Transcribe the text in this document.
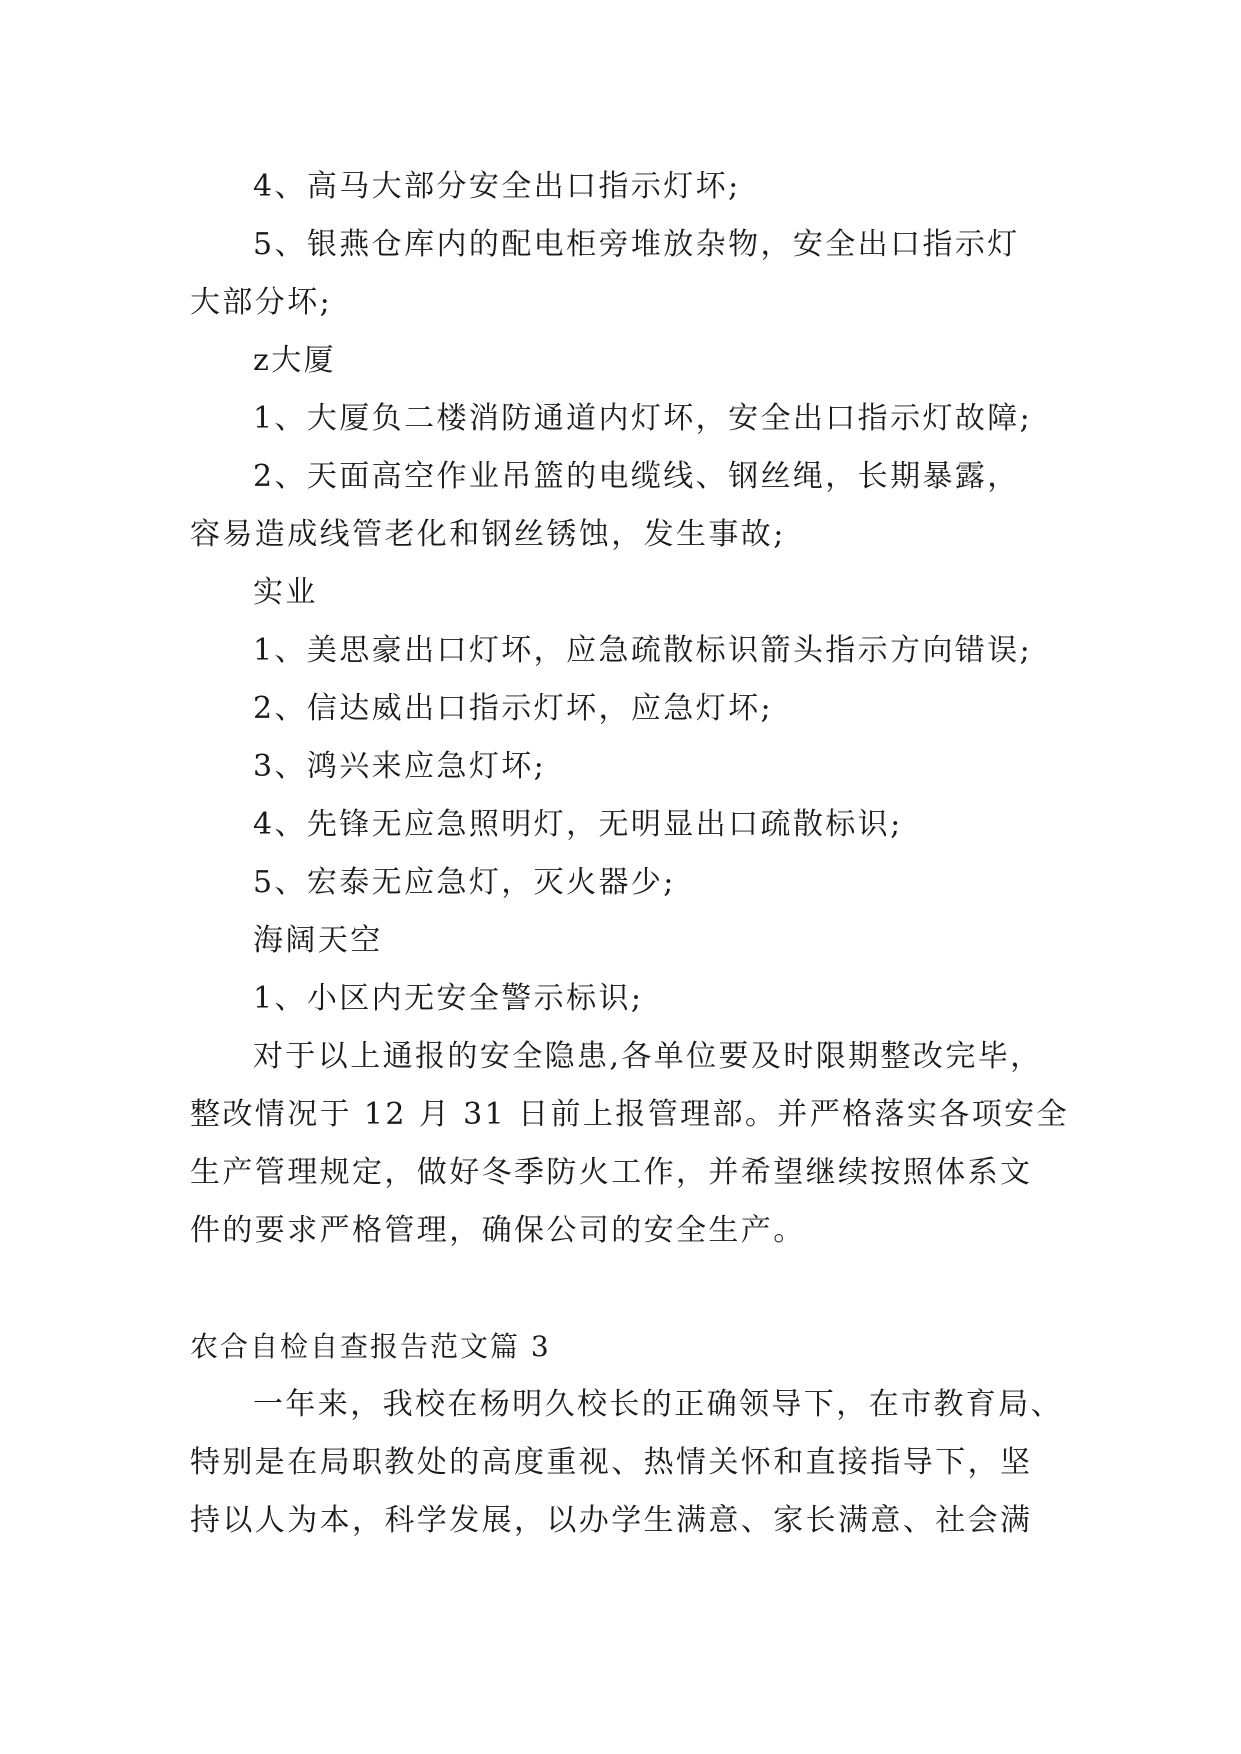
4、高马大部分安全出口指示灯坏;
5、银燕仓库内的配电柜旁堆放杂物，安全出口指示灯
大部分坏;
z大厦
1、大厦负二楼消防通道内灯坏，安全出口指示灯故障;
2、天面高空作业吊篮的电缆线、钢丝绳，长期暴露，
容易造成线管老化和钢丝锈蚀，发生事故;
实业
1、美思豪出口灯坏，应急疏散标识箭头指示方向错误;
2、信达威出口指示灯坏，应急灯坏;
3、鸿兴来应急灯坏;
4、先锋无应急照明灯，无明显出口疏散标识;
5、宏泰无应急灯，灭火器少;
海阔天空
1、小区内无安全警示标识;
对于以上通报的安全隐患,各单位要及时限期整改完毕，
整改情况于 12 月 31 日前上报管理部。并严格落实各项安全
生产管理规定，做好冬季防火工作，并希望继续按照体系文
件的要求严格管理，确保公司的安全生产。
农合自检自查报告范文篇 3
一年来，我校在杨明久校长的正确领导下，在市教育局、
特别是在局职教处的高度重视、热情关怀和直接指导下，坚
持以人为本，科学发展，以办学生满意、家长满意、社会满
